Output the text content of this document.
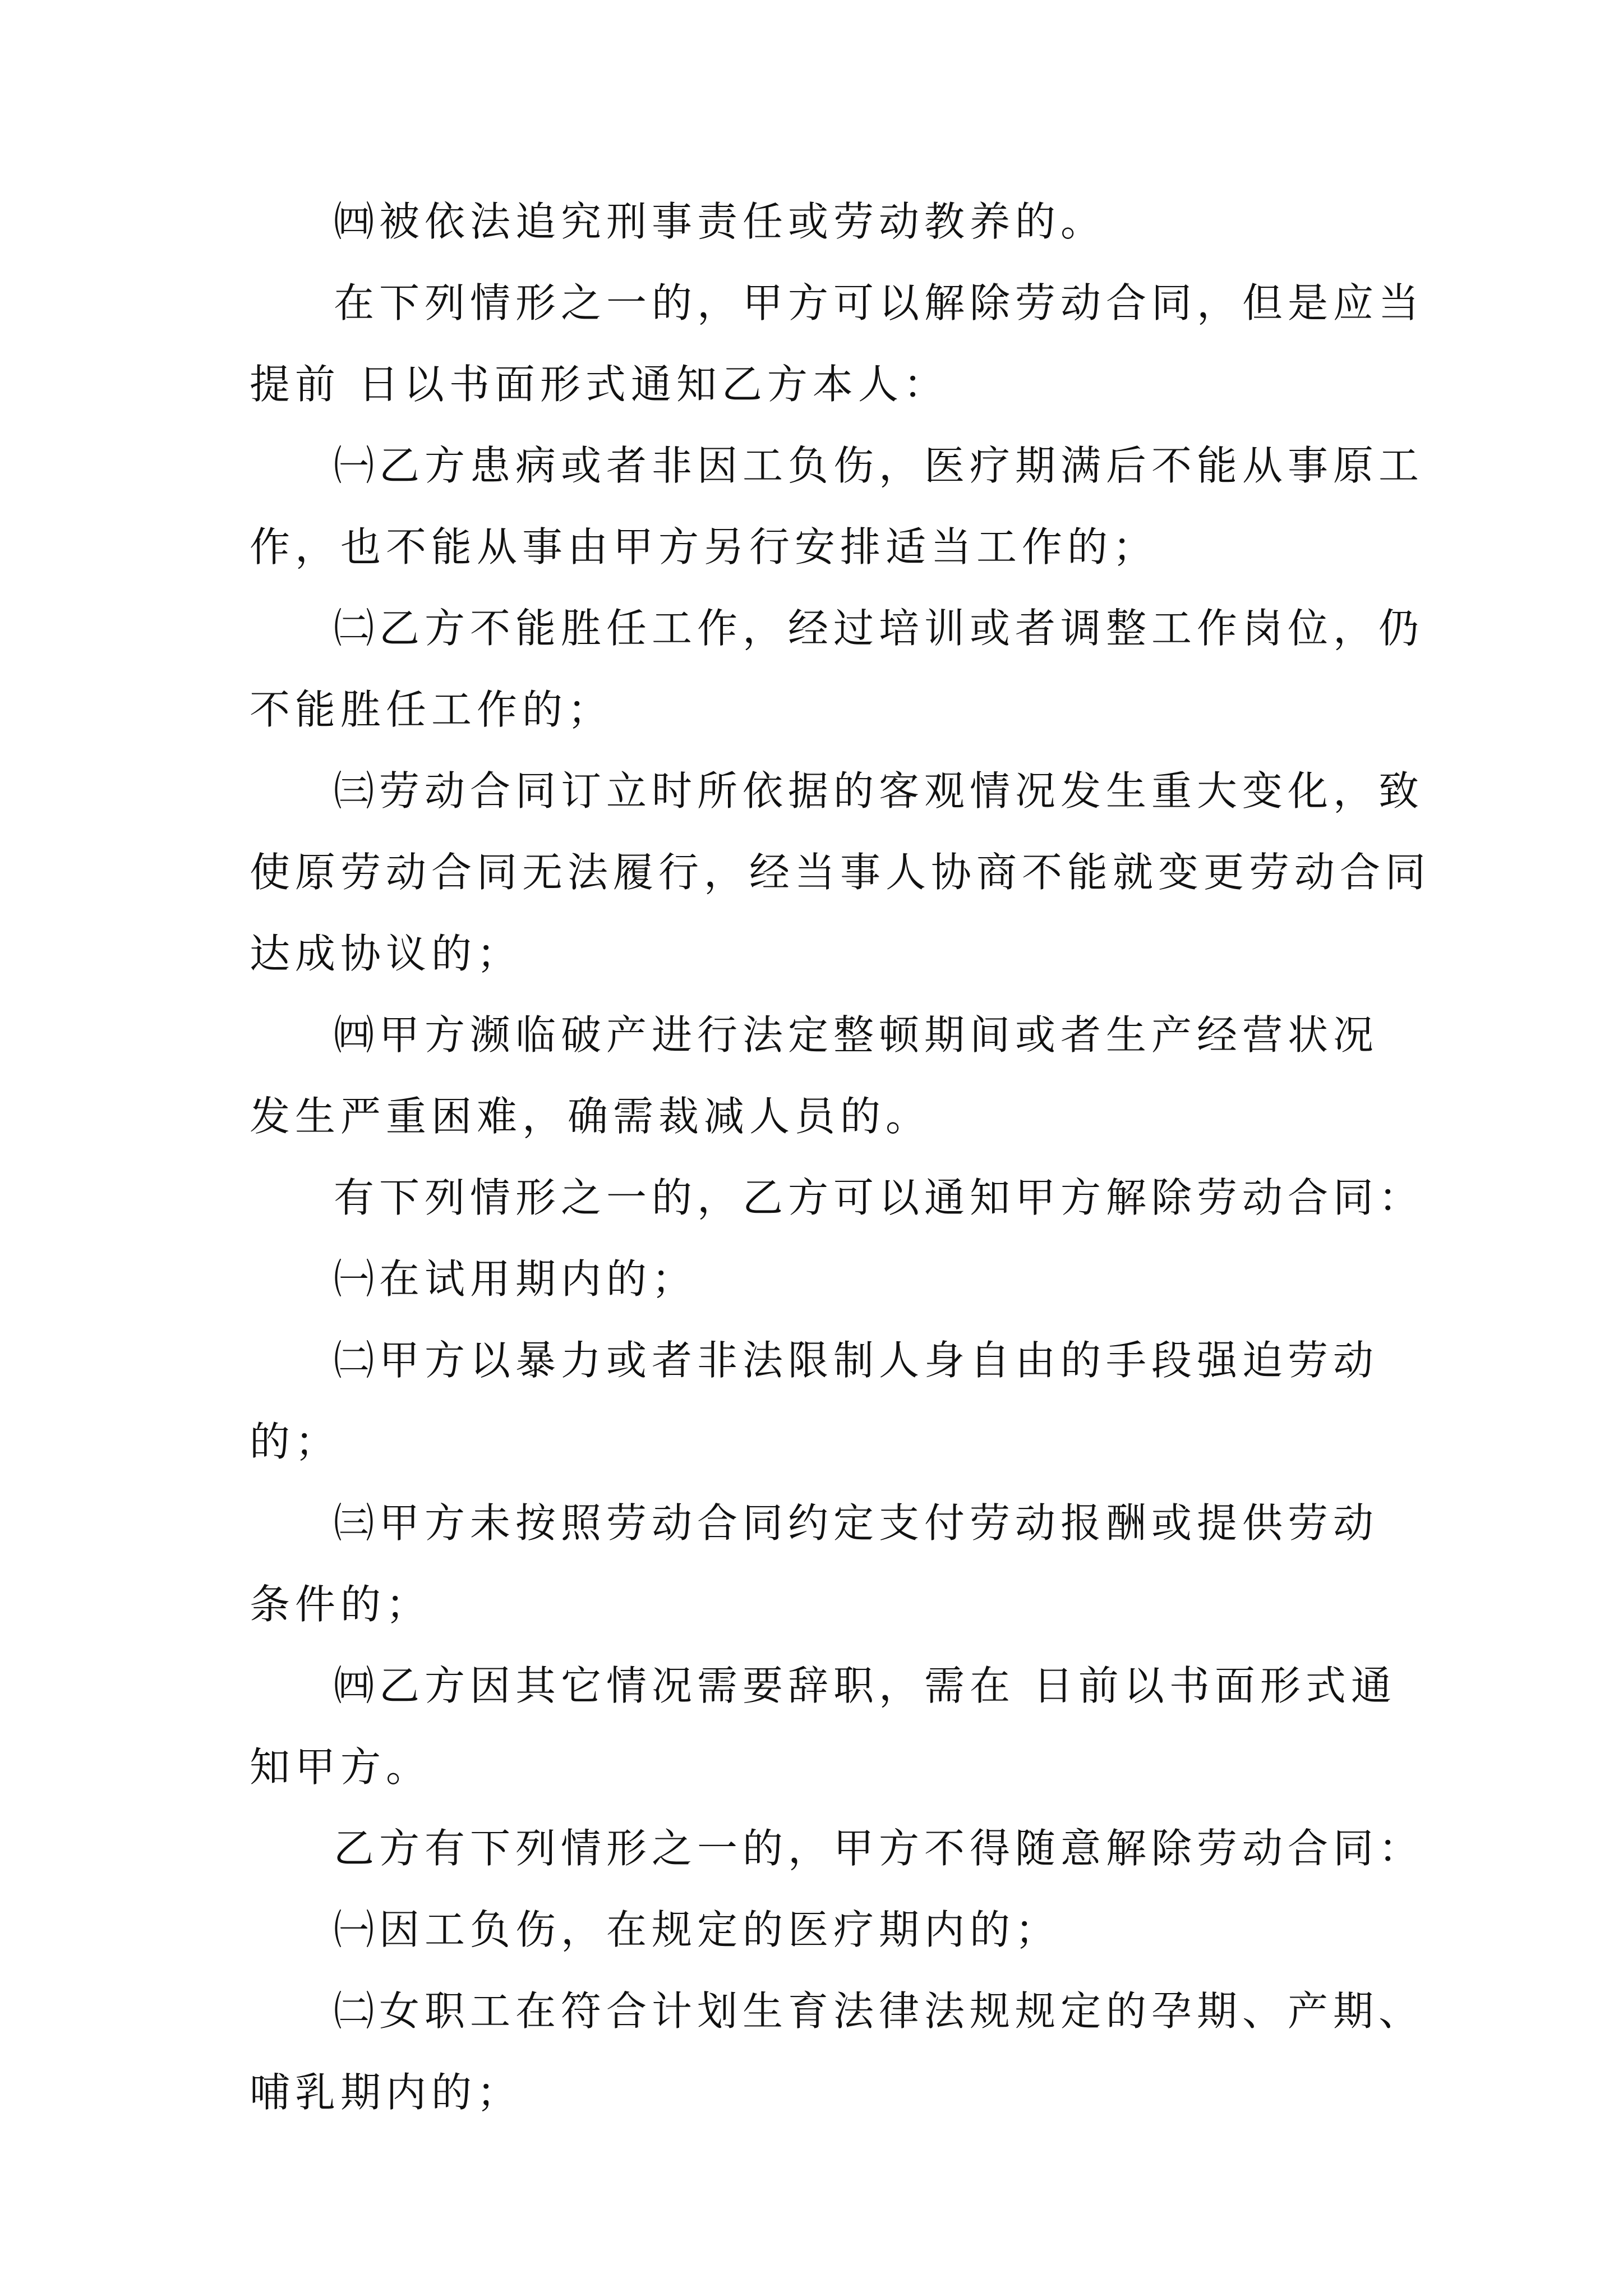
㈣被依法追究刑事责任或劳动教养的。
在下列情形之一的，甲方可以解除劳动合同，但是应当
提前 日以书面形式通知乙方本人：
㈠乙方患病或者非因工负伤，医疗期满后不能从事原工
作，也不能从事由甲方另行安排适当工作的；
㈡乙方不能胜任工作，经过培训或者调整工作岗位，仍
不能胜任工作的；
㈢劳动合同订立时所依据的客观情况发生重大变化，致
使原劳动合同无法履行，经当事人协商不能就变更劳动合同
达成协议的；
㈣甲方濒临破产进行法定整顿期间或者生产经营状况
发生严重困难，确需裁减人员的。
有下列情形之一的，乙方可以通知甲方解除劳动合同：
㈠在试用期内的；
㈡甲方以暴力或者非法限制人身自由的手段强迫劳动
的；
㈢甲方未按照劳动合同约定支付劳动报酬或提供劳动
条件的；
㈣乙方因其它情况需要辞职，需在 日前以书面形式通
知甲方。
乙方有下列情形之一的，甲方不得随意解除劳动合同：
㈠因工负伤，在规定的医疗期内的；
㈡女职工在符合计划生育法律法规规定的孕期、产期、
哺乳期内的；
